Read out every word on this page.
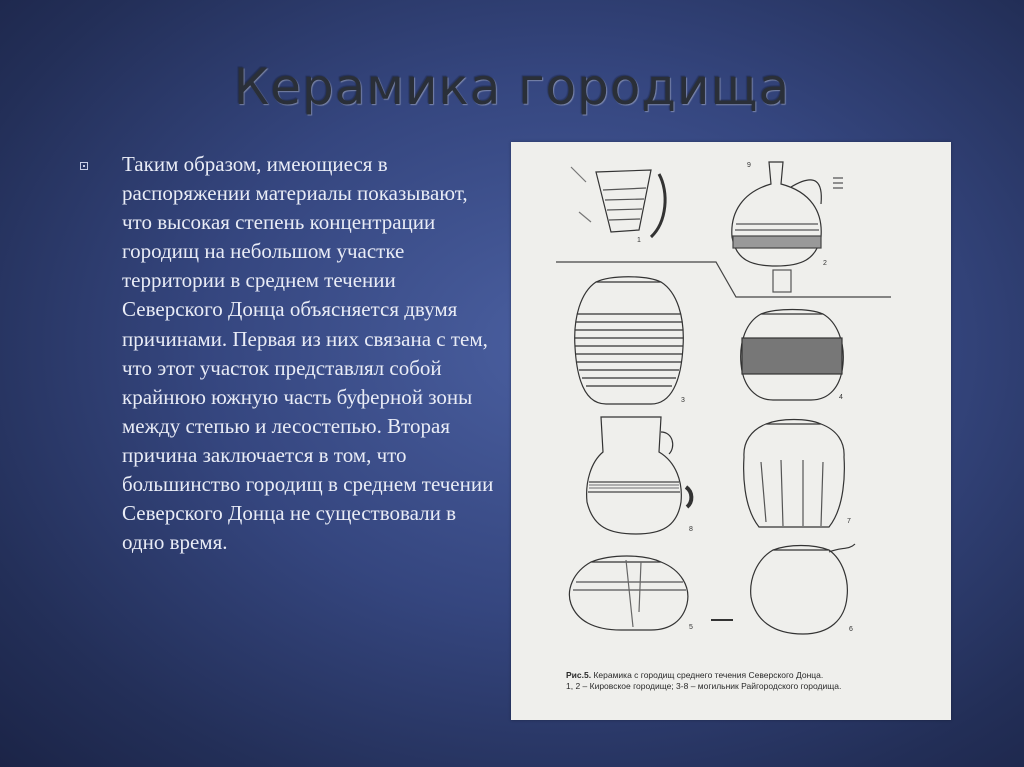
Керамика городища
Таким образом, имеющиеся в распоряжении материалы показывают, что высокая степень концентрации городищ на небольшом участке территории в среднем течении Северского Донца объясняется двумя причинами. Первая из них связана с тем, что этот участок представлял собой крайнюю южную часть буферной зоны между степью и лесостепью. Вторая причина заключается в том, что большинство городищ в среднем течении Северского Донца не существовали в одно время.
1
2
3	4
5	6
7
8
9
Рис.5. Керамика с городищ среднего течения Северского Донца.
1, 2 – Кировское городище; 3-8 – могильник Райгородского городища.
